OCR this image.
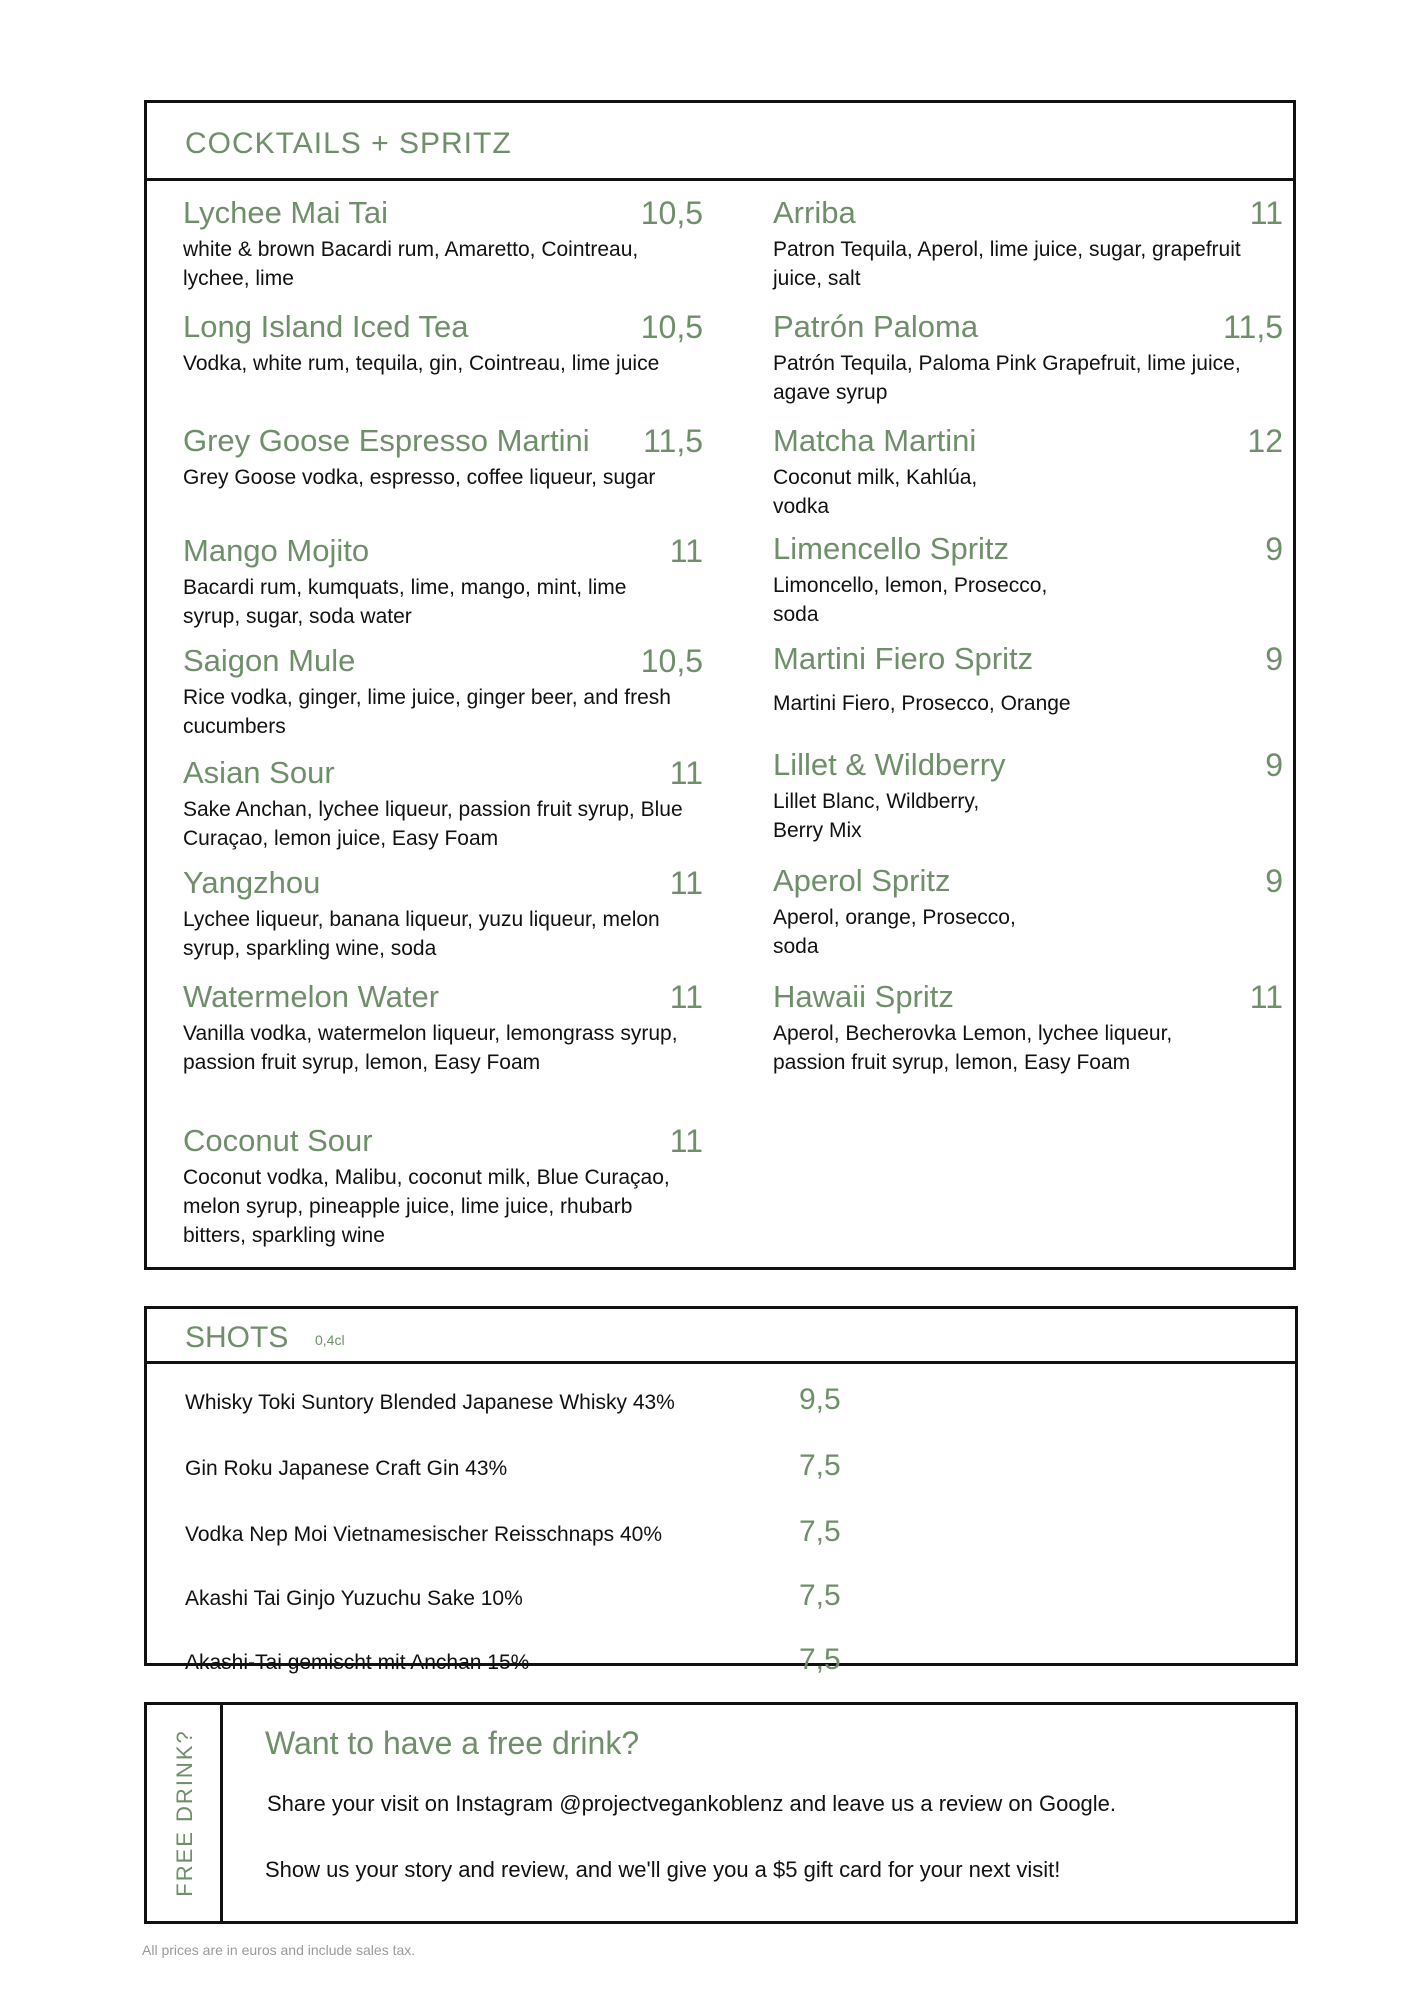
COCKTAILS + SPRITZ
Lychee Mai Tai	10,5
white & brown Bacardi rum, Amaretto, Cointreau, lychee, lime
Long Island Iced Tea	10,5
Vodka, white rum, tequila, gin, Cointreau, lime juice
Grey Goose Espresso Martini 11,5
Grey Goose vodka, espresso, coffee liqueur, sugar
Mango Mojito	11
Bacardi rum, kumquats, lime, mango, mint, lime syrup, sugar, soda water
Saigon Mule	10,5
Rice vodka, ginger, lime juice, ginger beer, and fresh cucumbers
Asian Sour	11
Sake Anchan, lychee liqueur, passion fruit syrup, Blue Curaçao, lemon juice, Easy Foam
Yangzhou	11
Lychee liqueur, banana liqueur, yuzu liqueur, melon syrup, sparkling wine, soda
Watermelon Water	11
Vanilla vodka, watermelon liqueur, lemongrass syrup, passion fruit syrup, lemon, Easy Foam
Coconut Sour	11
Coconut vodka, Malibu, coconut milk, Blue Curaçao, melon syrup, pineapple juice, lime juice, rhubarb bitters, sparkling wine
Arriba	11
Patron Tequila, Aperol, lime juice, sugar, grapefruit juice, salt
Patrón Paloma	11,5
Patrón Tequila, Paloma Pink Grapefruit, lime juice, agave syrup
Matcha Martini	12
Coconut milk, Kahlúa, vodka
Limencello Spritz	9
Limoncello, lemon, Prosecco, soda
Martini Fiero Spritz	9
Martini Fiero, Prosecco, Orange
Lillet & Wildberry	9
Lillet Blanc, Wildberry, Berry Mix
Aperol Spritz	9
Aperol, orange, Prosecco, soda
Hawaii Spritz	11
Aperol, Becherovka Lemon, lychee liqueur, passion fruit syrup, lemon, Easy Foam
SHOTS 0,4cl
Whisky Toki Suntory Blended Japanese Whisky 43%	9,5
Gin Roku Japanese Craft Gin 43%	7,5
Vodka Nep Moi Vietnamesischer Reisschnaps 40%	7,5
Akashi Tai Ginjo Yuzuchu Sake 10%	7,5
Akashi-Tai gemischt mit Anchan 15%	7,5
FREE DRINK? Want to have a free drink?
Share your visit on Instagram @projectvegankoblenz and leave us a review on Google.
Show us your story and review, and we'll give you a $5 gift card for your next visit!
All prices are in euros and include sales tax.
